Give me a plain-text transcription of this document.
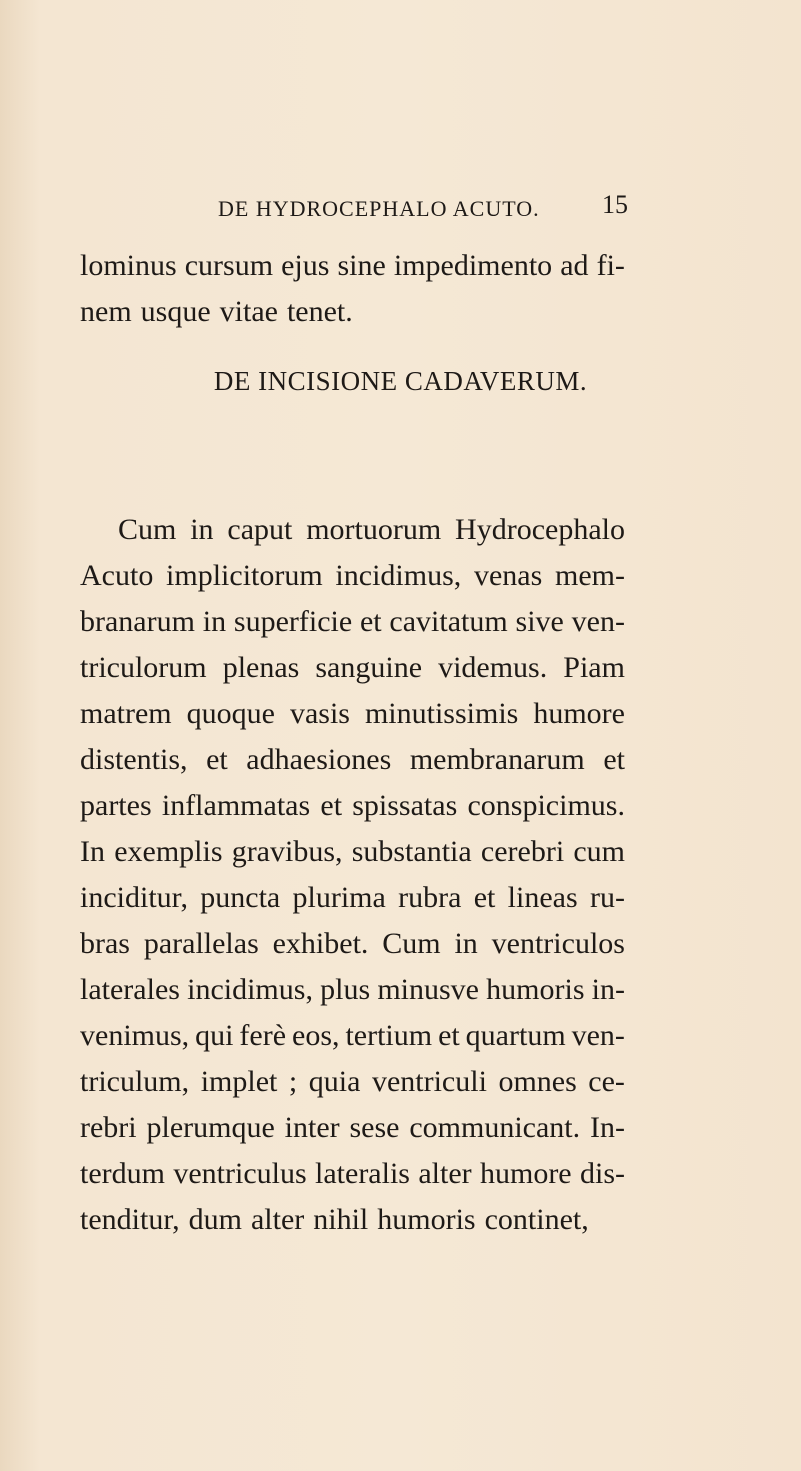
DE HYDROCEPHALO ACUTO. 15
lominus cursum ejus sine impedimento ad fi-
nem usque vitae tenet.
DE INCISIONE CADAVERUM.
Cum in caput mortuorum Hydrocephalo
Acuto implicitorum incidimus, venas mem-
branarum in superficie et cavitatum sive ven-
triculorum plenas sanguine videmus. Piam
matrem quoque vasis minutissimis humore
distentis, et adhaesiones membranarum et
partes inflammatas et spissatas conspicimus.
In exemplis gravibus, substantia cerebri cum
inciditur, puncta plurima rubra et lineas ru-
bras parallelas exhibet. Cum in ventriculos
laterales incidimus, plus minusve humoris in-
venimus, qui ferè eos, tertium et quartum ven-
triculum, implet ; quia ventriculi omnes ce-
rebri plerumque inter sese communicant. In-
terdum ventriculus lateralis alter humore dis-
tenditur, dum alter nihil humoris continet,
